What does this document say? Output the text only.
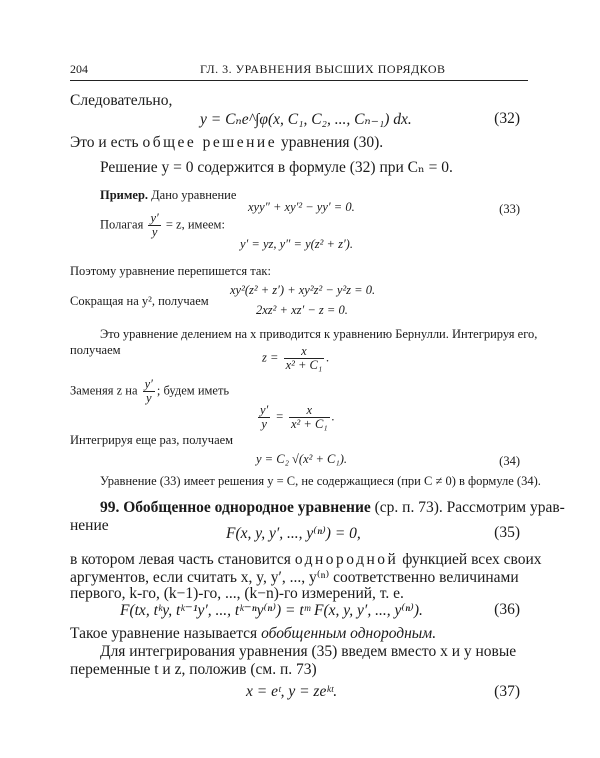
204	ГЛ. 3. УРАВНЕНИЯ ВЫСШИХ ПОРЯДКОВ
Следовательно,
y = Cₙe^∫φ(x, C₁, C₂, ..., Cₙ₋₁) dx.	(32)
Это и есть общее решение уравнения (30).
Решение y = 0 содержится в формуле (32) при Cₙ = 0.
Пример. Дано уравнение
xyy″ + xy′² − yy′ = 0.	(33)
Полагая $\frac{y'}{y} = z$, имеем:
y′ = yz, y″ = y(z² + z′).
Поэтому уравнение перепишется так:
xy²(z² + z′) + xy²z² − y²z = 0.
Сокращая на y², получаем
2xz² + xz′ − z = 0.
Это уравнение делением на x приводится к уравнению Бернулли. Интегрируя его,
получаем
$z = \frac{x}{\text{x² + C₁}}$ .
Заменяя z на $\frac{y'}{y}$ ; будем иметь
$\frac{y'}{y} = \frac{x}{\text{x² + C₁}}$ .
Интегрируя еще раз, получаем
y = C₂ √(x² + C₁).	(34)
Уравнение (33) имеет решения y = C, не содержащиеся (при C ≠ 0) в формуле (34).
99. Обобщенное однородное уравнение (ср. п. 73). Рассмотрим урав-
нение	F(x, y, y′, ..., y⁽ⁿ⁾) = 0,	(35)
в котором левая часть становится однородной функцией всех своих
аргументов, если считать x, y, y′, ..., y⁽ⁿ⁾ соответственно величинами
первого, k-го, (k−1)-го, ..., (k−n)-го измерений, т. е.
F(tx, tᵏy, tᵏ⁻¹y′, ..., tᵏ⁻ⁿy⁽ⁿ⁾) = tᵐ F(x, y, y′, ..., y⁽ⁿ⁾).	(36)
Такое уравнение называется обобщенным однородным.
Для интегрирования уравнения (35) введем вместо x и y новые
переменные t и z, положив (см. п. 73)
x = eᵗ, y = zeᵏᵗ.	(37)
